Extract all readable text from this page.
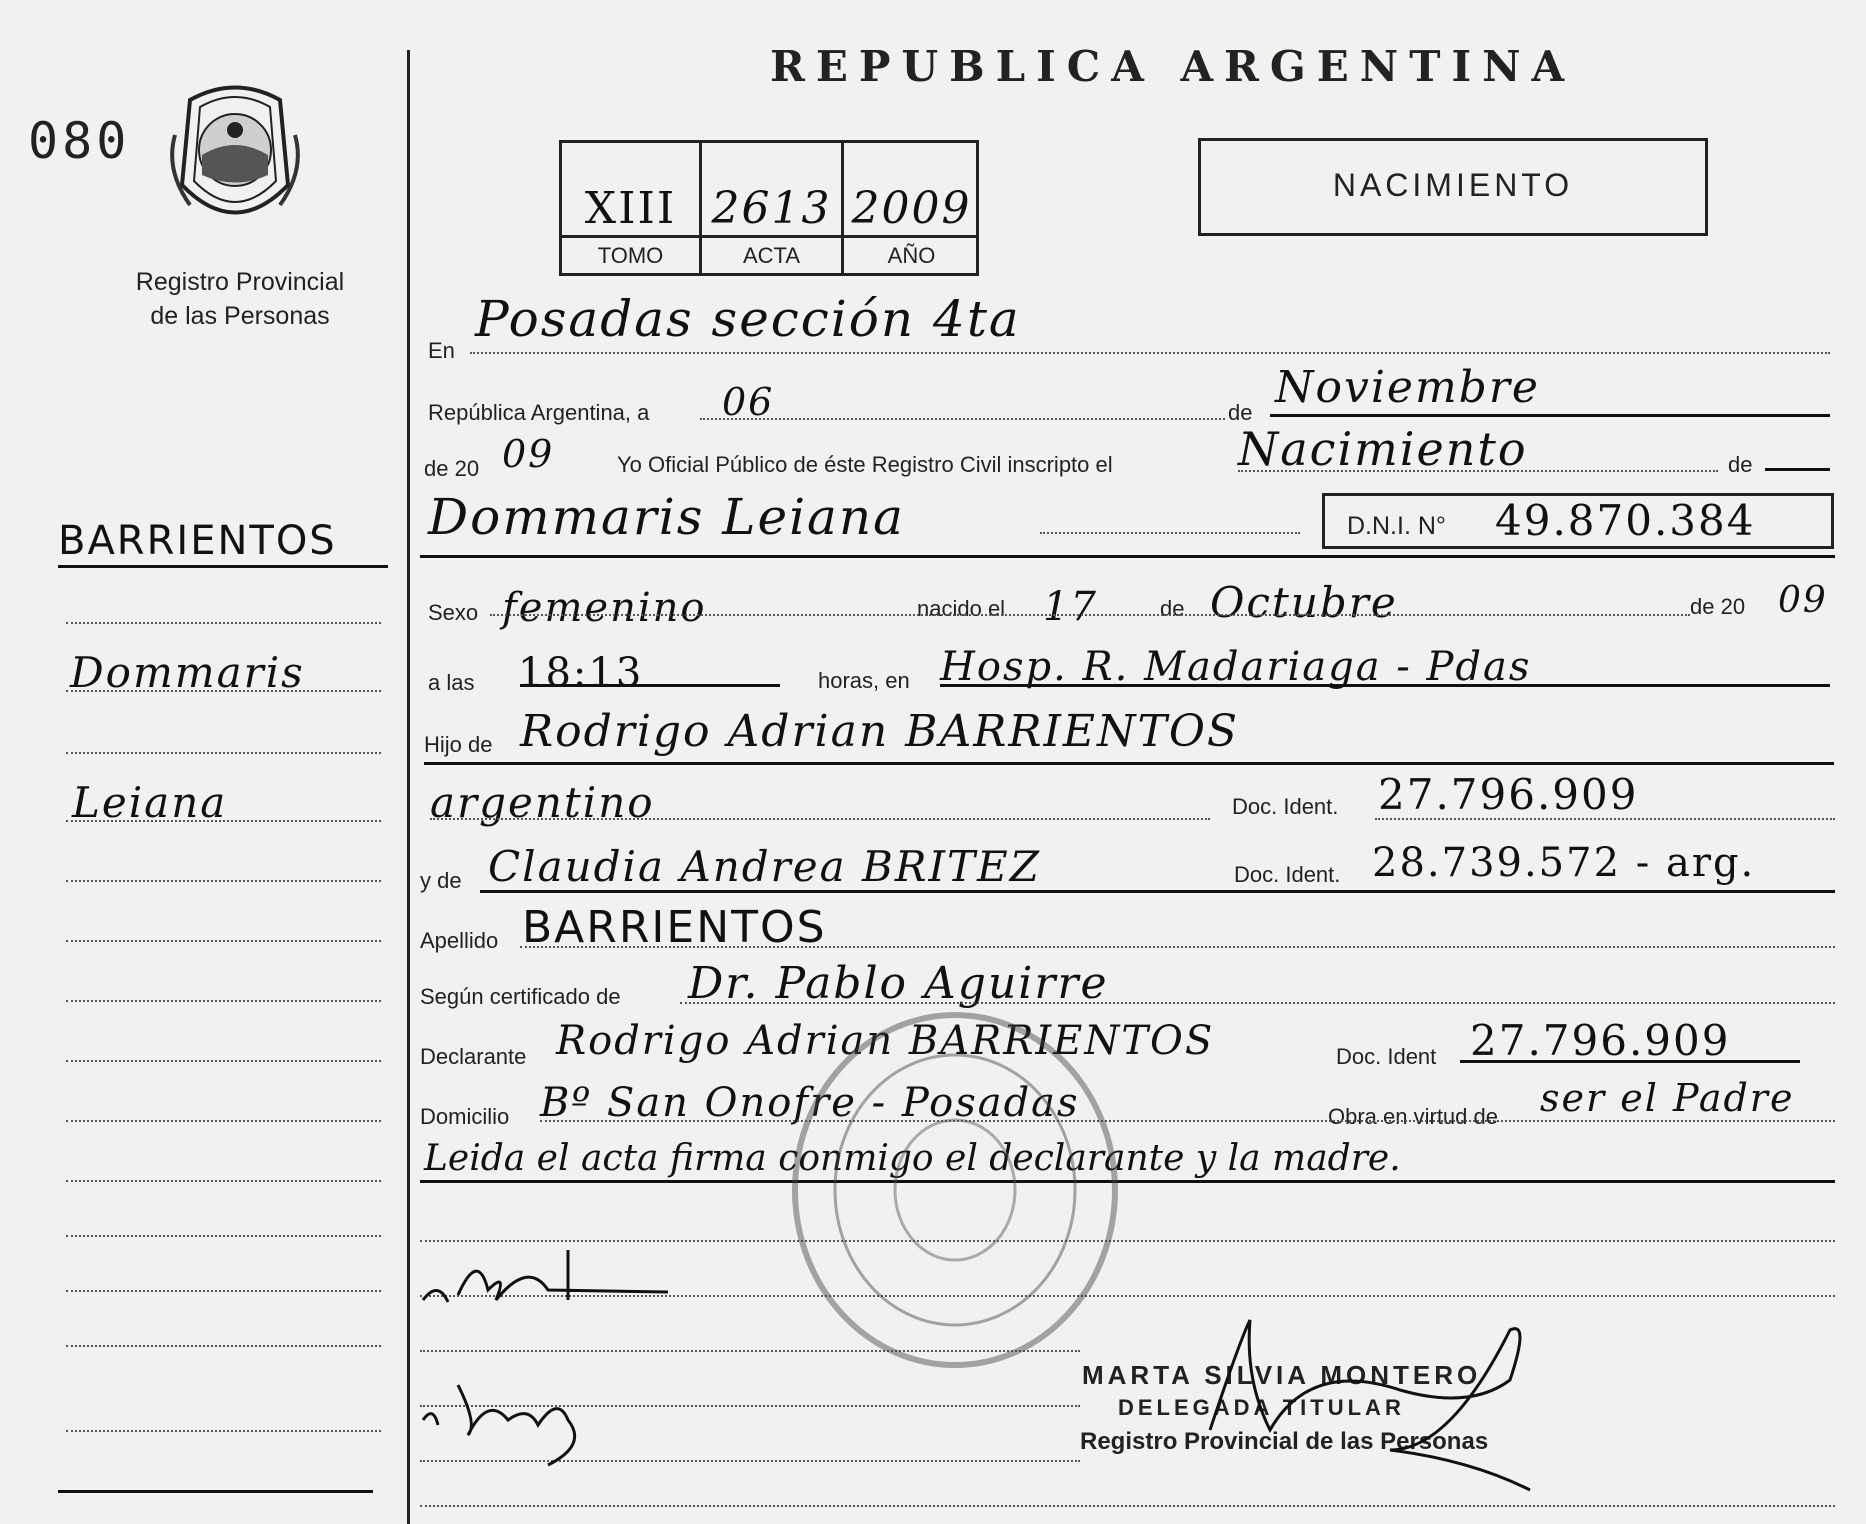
080
Registro Provincial
de las Personas
BARRIENTOS
Dommaris
Leiana
REPUBLICA ARGENTINA
XIII 2613 2009
TOMO	ACTA	AÑO
NACIMIENTO
En
Posadas sección 4ta
República Argentina, a 06	de Noviembre
de 20 09	Yo Oficial Público de éste Registro Civil inscripto el	Nacimiento	de
Dommaris Leiana	D.N.I. N° 49.870.384
Sexo femenino	nacido el 17	de Octubre	de 20 09
a las 18:13	horas, en Hosp. R. Madariaga - Pdas
Hijo de Rodrigo Adrian BARRIENTOS
argentino	Doc. Ident. 27.796.909
y de Claudia Andrea BRITEZ	Doc. Ident. 28.739.572 - arg.
Apellido BARRIENTOS
Según certificado de Dr. Pablo Aguirre
Declarante Rodrigo Adrian BARRIENTOS	Doc. Ident 27.796.909
Domicilio Bº San Onofre - Posadas	Obra en virtud de ser el Padre
Leida el acta firma conmigo el declarante y la madre.
MARTA SILVIA MONTERO
DELEGADA TITULAR
Registro Provincial de las Personas
